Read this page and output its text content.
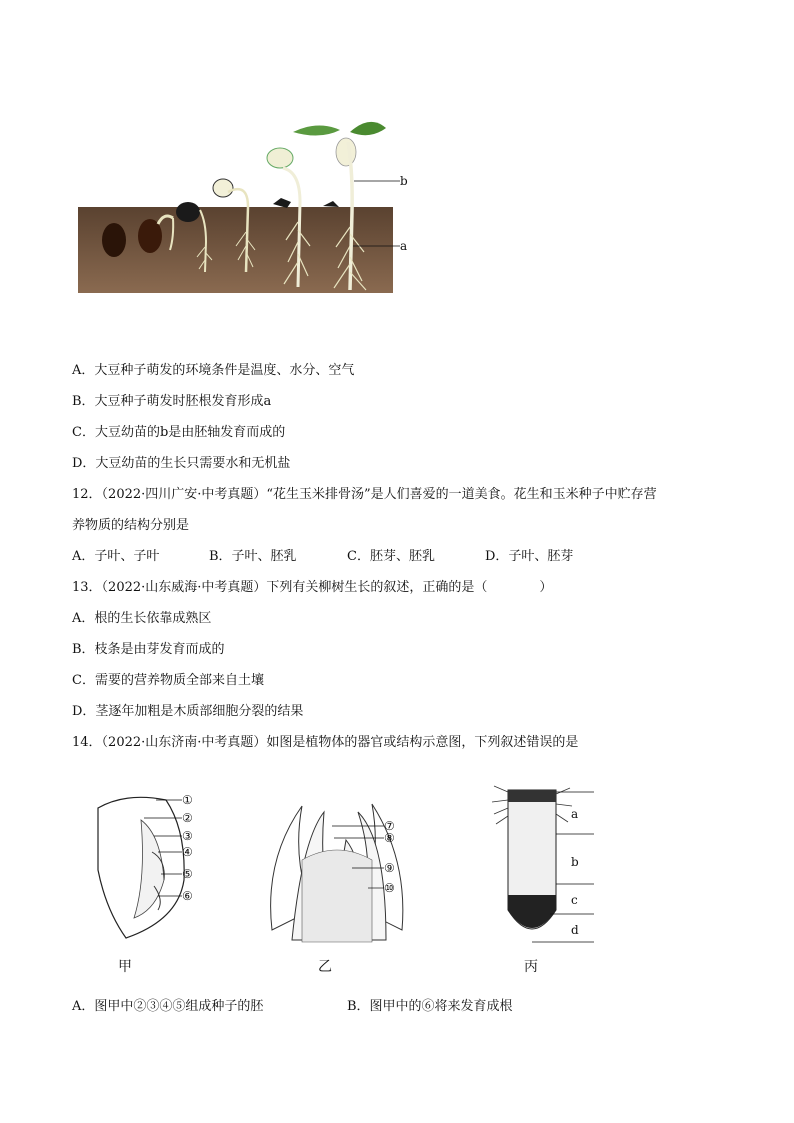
b
a
A．大豆种子萌发的环境条件是温度、水分、空气
B．大豆种子萌发时胚根发育形成a
C．大豆幼苗的b是由胚轴发育而成的
D．大豆幼苗的生长只需要水和无机盐
12．（2022·四川广安·中考真题）“花生玉米排骨汤”是人们喜爱的一道美食。花生和玉米种子中贮存营
养物质的结构分别是
A．子叶、子叶	B．子叶、胚乳	C．胚芽、胚乳	D．子叶、胚芽
13．（2022·山东威海·中考真题）下列有关柳树生长的叙述，正确的是（　　　　）
A．根的生长依靠成熟区
B．枝条是由芽发育而成的
C．需要的营养物质全部来自土壤
D．茎逐年加粗是木质部细胞分裂的结果
14．（2022·山东济南·中考真题）如图是植物体的器官或结构示意图，下列叙述错误的是
①
②
③
④
⑤
⑥
甲
⑦
⑧
⑨
⑩
乙
a
b
c
d
丙
A．图甲中②③④⑤组成种子的胚	B．图甲中的⑥将来发育成根
